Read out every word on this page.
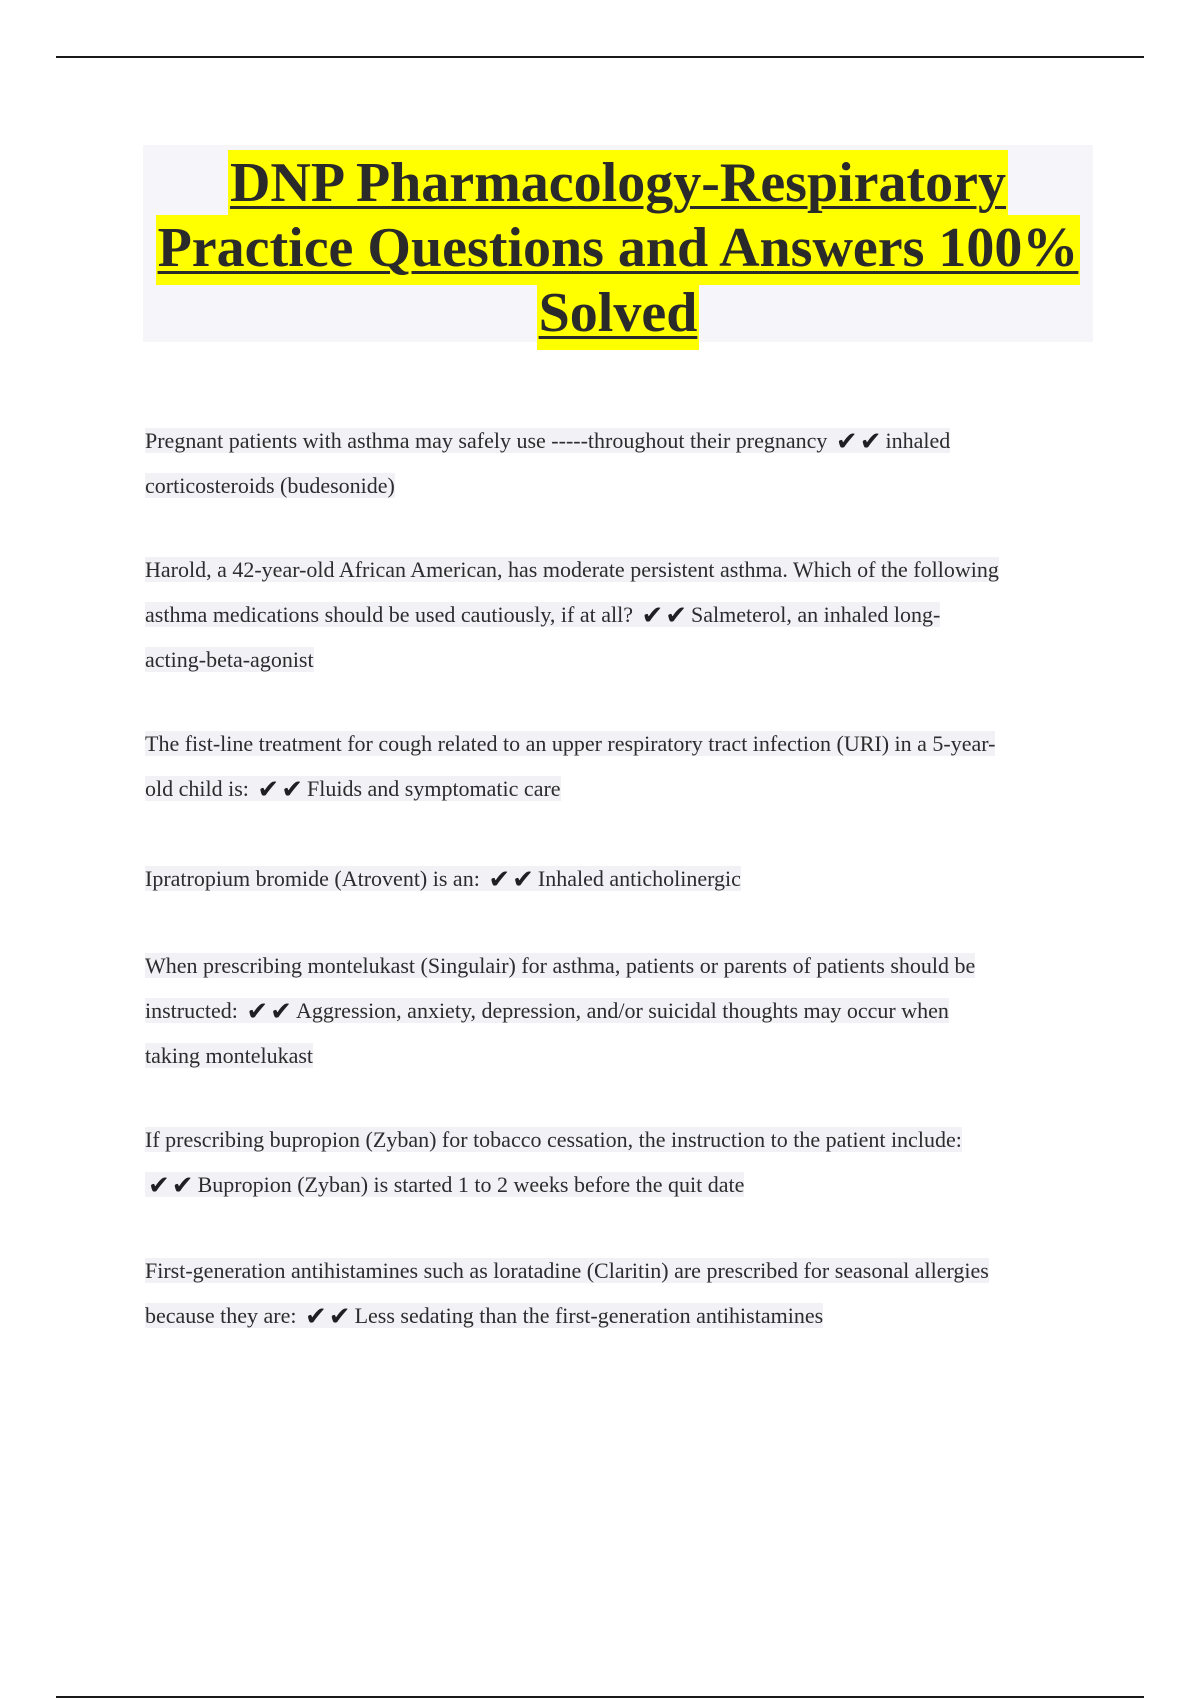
DNP Pharmacology-Respiratory
Practice Questions and Answers 100%
Solved
Pregnant patients with asthma may safely use -----throughout their pregnancy ✔✔ inhaled
corticosteroids (budesonide)
Harold, a 42-year-old African American, has moderate persistent asthma. Which of the following
asthma medications should be used cautiously, if at all? ✔✔ Salmeterol, an inhaled long-
acting-beta-agonist
The fist-line treatment for cough related to an upper respiratory tract infection (URI) in a 5-year-
old child is: ✔✔ Fluids and symptomatic care
Ipratropium bromide (Atrovent) is an: ✔✔ Inhaled anticholinergic
When prescribing montelukast (Singulair) for asthma, patients or parents of patients should be
instructed: ✔✔ Aggression, anxiety, depression, and/or suicidal thoughts may occur when
taking montelukast
If prescribing bupropion (Zyban) for tobacco cessation, the instruction to the patient include:
✔✔ Bupropion (Zyban) is started 1 to 2 weeks before the quit date
First-generation antihistamines such as loratadine (Claritin) are prescribed for seasonal allergies
because they are: ✔✔ Less sedating than the first-generation antihistamines
